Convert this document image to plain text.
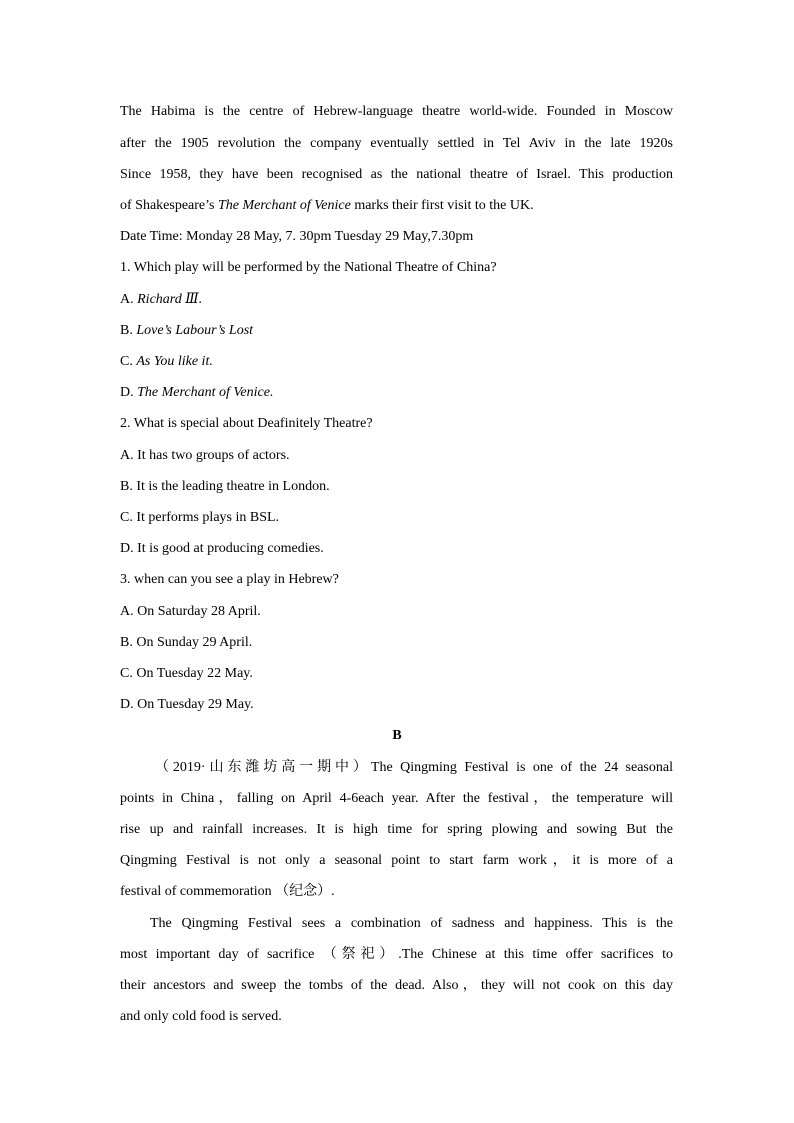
The Habima is the centre of Hebrew-language theatre world-wide. Founded in Moscow
after the 1905 revolution the company eventually settled in Tel Aviv in the late 1920s
Since 1958, they have been recognised as the national theatre of Israel. This production
of Shakespeare’s The Merchant of Venice marks their first visit to the UK.
Date Time: Monday 28 May, 7. 30pm Tuesday 29 May,7.30pm
1. Which play will be performed by the National Theatre of China?
A. Richard Ⅲ.
B. Love’s Labour’s Lost
C. As You like it.
D. The Merchant of Venice.
2. What is special about Deafinitely Theatre?
A. It has two groups of actors.
B. It is the leading theatre in London.
C. It performs plays in BSL.
D. It is good at producing comedies.
3. when can you see a play in Hebrew?
A. On Saturday 28 April.
B. On Sunday 29 April.
C. On Tuesday 22 May.
D. On Tuesday 29 May.
B
（2019·山东潍坊高一期中）The Qingming Festival is one of the 24 seasonal
points in China，falling on April 4-6each year. After the festival，the temperature will
rise up and rainfall increases. It is high time for spring plowing and sowing But the
Qingming Festival is not only a seasonal point to start farm work，it is more of a
festival of commemoration （纪念）.
The Qingming Festival sees a combination of sadness and happiness. This is the
most important day of sacrifice （祭祀）.The Chinese at this time offer sacrifices to
their ancestors and sweep the tombs of the dead. Also，they will not cook on this day
and only cold food is served.
